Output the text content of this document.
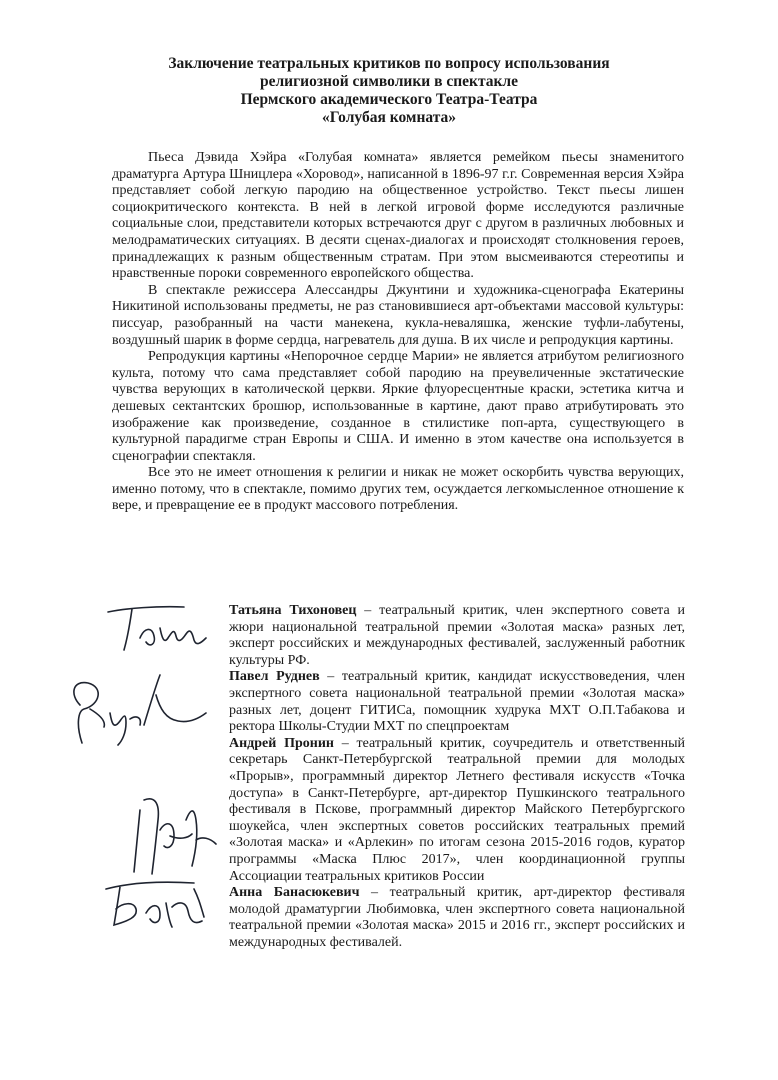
Заключение театральных критиков по вопросу использования
религиозной символики в спектакле
Пермского академического Театра-Театра
«Голубая комната»

Пьеса Дэвида Хэйра «Голубая комната» является ремейком пьесы знаменитого драматурга Артура Шницлера «Хоровод», написанной в 1896-97 г.г. Современная версия Хэйра представляет собой легкую пародию на общественное устройство. Текст пьесы лишен социокритического контекста. В ней в легкой игровой форме исследуются различные социальные слои, представители которых встречаются друг с другом в различных любовных и мелодраматических ситуациях. В десяти сценах-диалогах и происходят столкновения героев, принадлежащих к разным общественным стратам. При этом высмеиваются стереотипы и нравственные пороки современного европейского общества.

В спектакле режиссера Алессандры Джунтини и художника-сценографа Екатерины Никитиной использованы предметы, не раз становившиеся арт-объектами массовой культуры: писсуар, разобранный на части манекена, кукла-неваляшка, женские туфли-лабутены, воздушный шарик в форме сердца, нагреватель для душа. В их числе и репродукция картины.

Репродукция картины «Непорочное сердце Марии» не является атрибутом религиозного культа, потому что сама представляет собой пародию на преувеличенные экстатические чувства верующих в католической церкви. Яркие флуоресцентные краски, эстетика китча и дешевых сектантских брошюр, использованные в картине, дают право атрибутировать это изображение как произведение, созданное в стилистике поп-арта, существующего в культурной парадигме стран Европы и США. И именно в этом качестве она используется в сценографии спектакля.

Все это не имеет отношения к религии и никак не может оскорбить чувства верующих, именно потому, что в спектакле, помимо других тем, осуждается легкомысленное отношение к вере, и превращение ее в продукт массового потребления.

Татьяна Тихоновец – театральный критик, член экспертного совета и жюри национальной театральной премии «Золотая маска» разных лет, эксперт российских и международных фестивалей, заслуженный работник культуры РФ.

Павел Руднев – театральный критик, кандидат искусствоведения, член экспертного совета национальной театральной премии «Золотая маска» разных лет, доцент ГИТИСа, помощник худрука МХТ О.П.Табакова и ректора Школы-Студии МХТ по спецпроектам

Андрей Пронин – театральный критик, соучредитель и ответственный секретарь Санкт-Петербургской театральной премии для молодых «Прорыв», программный директор Летнего фестиваля искусств «Точка доступа» в Санкт-Петербурге, арт-директор Пушкинского театрального фестиваля в Пскове, программный директор Майского Петербургского шоукейса, член экспертных советов российских театральных премий «Золотая маска» и «Арлекин» по итогам сезона 2015-2016 годов, куратор программы «Маска Плюс 2017», член координационной группы Ассоциации театральных критиков России

Анна Банасюкевич – театральный критик, арт-директор фестиваля молодой драматургии Любимовка, член экспертного совета национальной театральной премии «Золотая маска» 2015 и 2016 гг., эксперт российских и международных фестивалей.
